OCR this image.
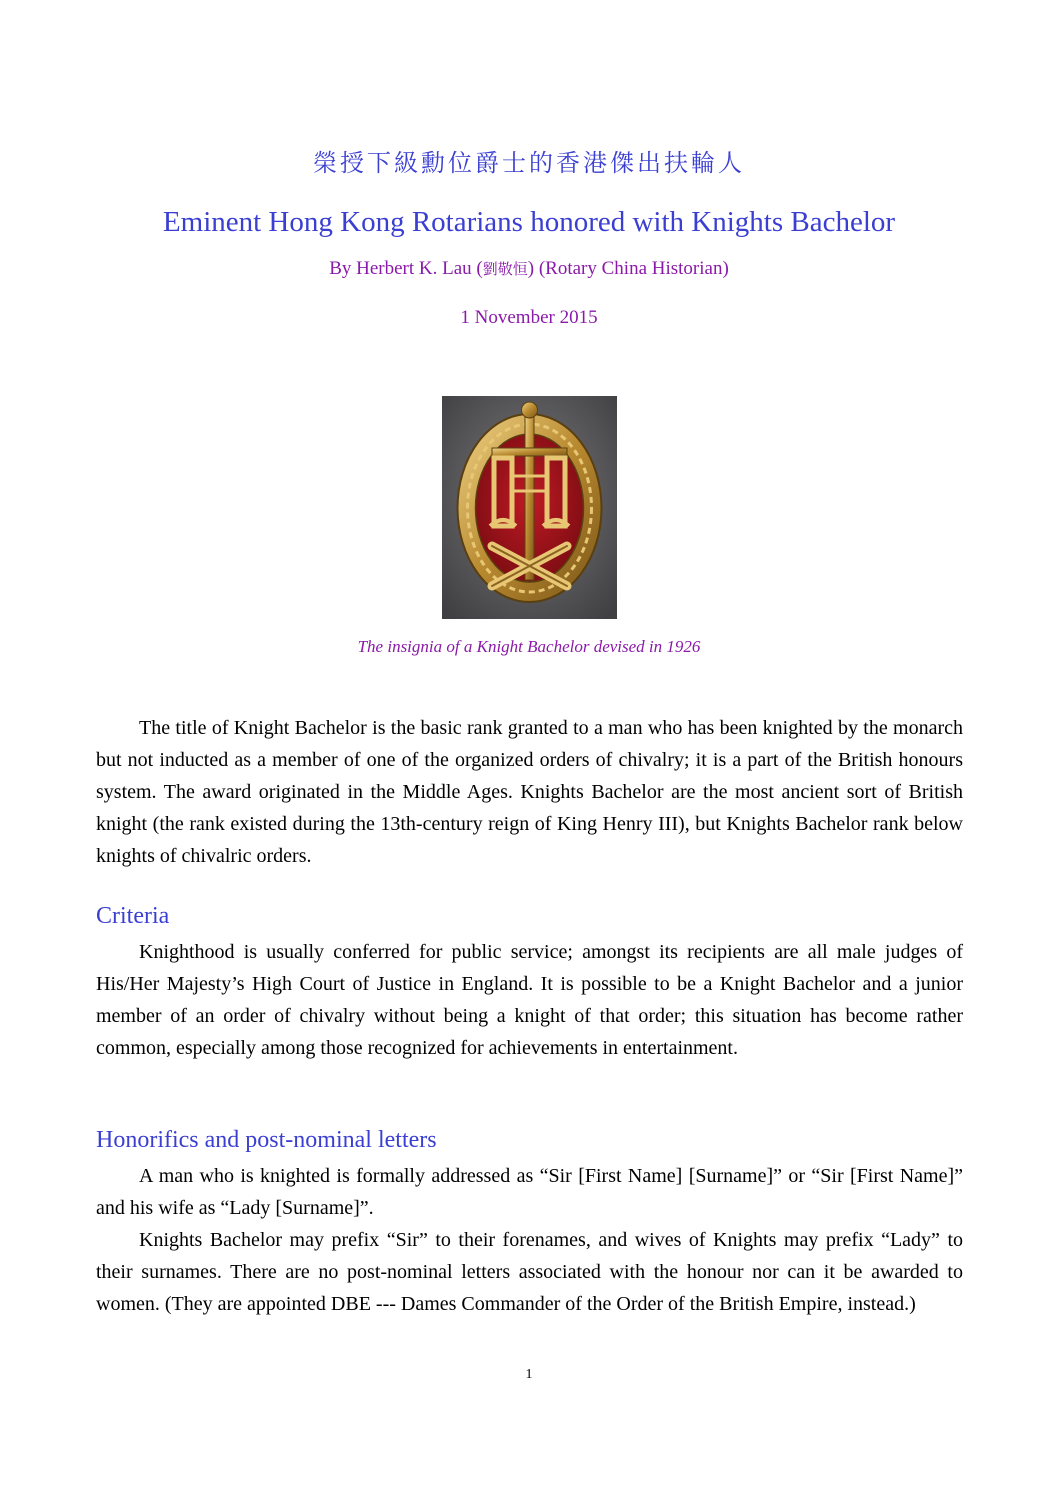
榮授下級勳位爵士的香港傑出扶輪人
Eminent Hong Kong Rotarians honored with Knights Bachelor
By Herbert K. Lau (劉敬恒) (Rotary China Historian)
1 November 2015
The insignia of a Knight Bachelor devised in 1926

The title of Knight Bachelor is the basic rank granted to a man who has been knighted by the monarch but not inducted as a member of one of the organized orders of chivalry; it is a part of the British honours system. The award originated in the Middle Ages. Knights Bachelor are the most ancient sort of British knight (the rank existed during the 13th-century reign of King Henry III), but Knights Bachelor rank below knights of chivalric orders.

Criteria

Knighthood is usually conferred for public service; amongst its recipients are all male judges of His/Her Majesty’s High Court of Justice in England. It is possible to be a Knight Bachelor and a junior member of an order of chivalry without being a knight of that order; this situation has become rather common, especially among those recognized for achievements in entertainment.

Honorifics and post-nominal letters

A man who is knighted is formally addressed as “Sir [First Name] [Surname]” or “Sir [First Name]” and his wife as “Lady [Surname]”.

Knights Bachelor may prefix “Sir” to their forenames, and wives of Knights may prefix “Lady” to their surnames. There are no post-nominal letters associated with the honour nor can it be awarded to women. (They are appointed DBE --- Dames Commander of the Order of the British Empire, instead.)

1
